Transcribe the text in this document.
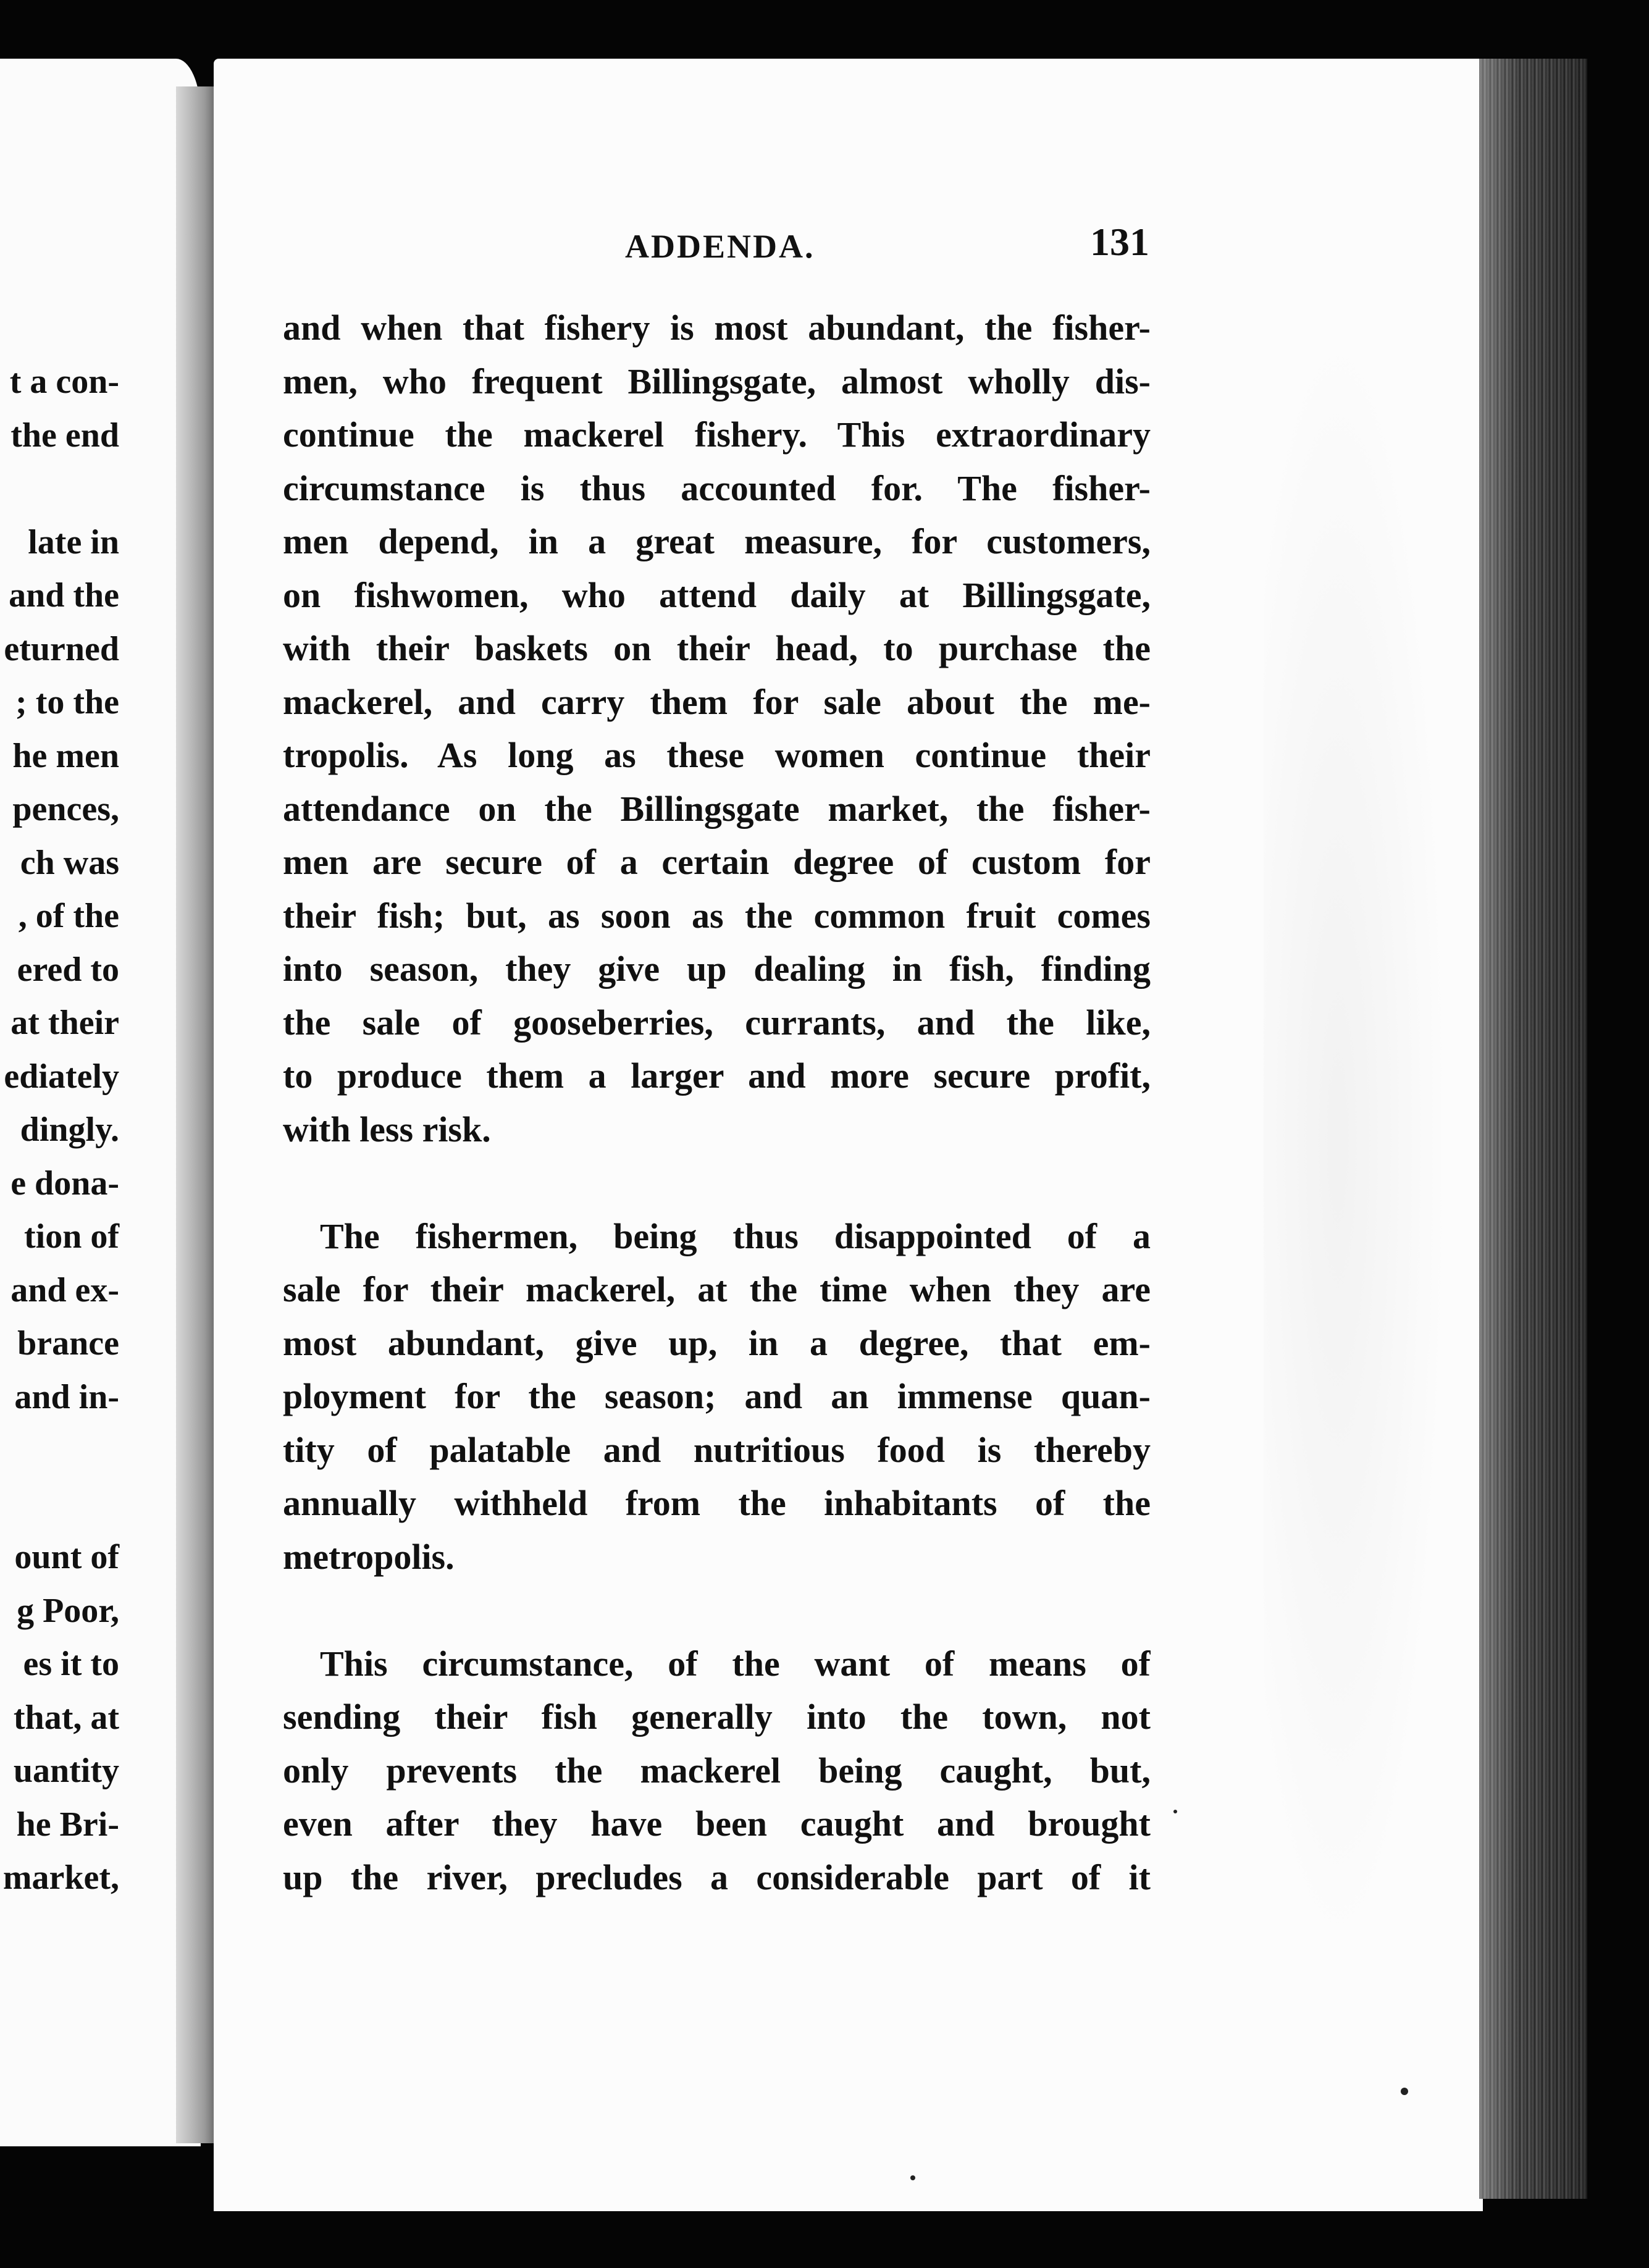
t a con-
the end
late in
and the
eturned
; to the
he men
pences,
ch was
, of the
ered to
at their
ediately
dingly.
e dona-
tion of
and ex-
brance
and in-
ount of
g Poor,
es it to
that, at
uantity
he Bri-
market,
ADDENDA.	131
and when that fishery is most abundant, the fisher-
men, who frequent Billingsgate, almost wholly dis-
continue the mackerel fishery. This extraordinary
circumstance is thus accounted for. The fisher-
men depend, in a great measure, for customers,
on fishwomen, who attend daily at Billingsgate,
with their baskets on their head, to purchase the
mackerel, and carry them for sale about the me-
tropolis. As long as these women continue their
attendance on the Billingsgate market, the fisher-
men are secure of a certain degree of custom for
their fish; but, as soon as the common fruit comes
into season, they give up dealing in fish, finding
the sale of gooseberries, currants, and the like,
to produce them a larger and more secure profit,
with less risk.
The fishermen, being thus disappointed of a
sale for their mackerel, at the time when they are
most abundant, give up, in a degree, that em-
ployment for the season; and an immense quan-
tity of palatable and nutritious food is thereby
annually withheld from the inhabitants of the
metropolis.
This circumstance, of the want of means of
sending their fish generally into the town, not
only prevents the mackerel being caught, but,
even after they have been caught and brought
up the river, precludes a considerable part of it
